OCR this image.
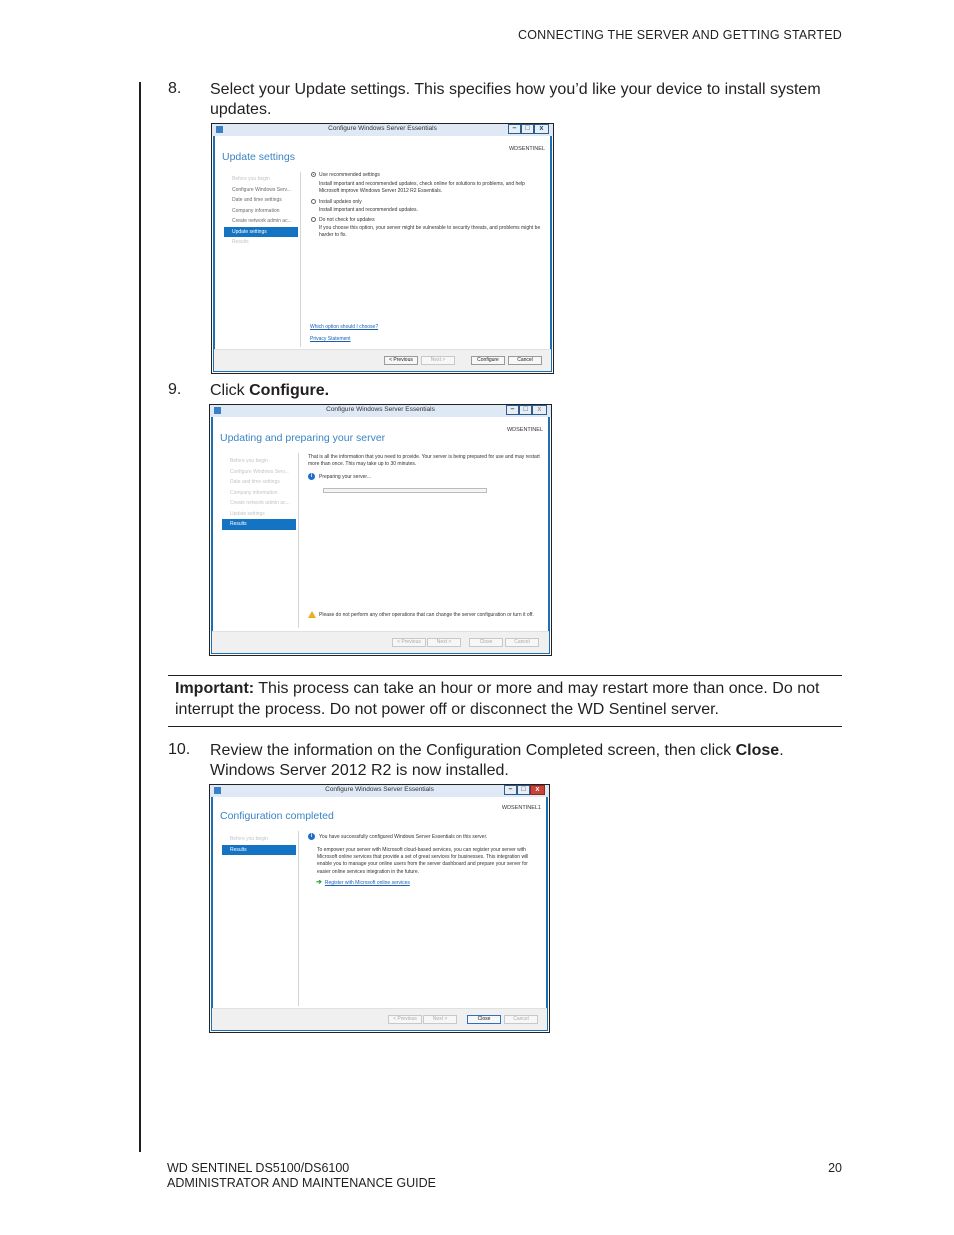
CONNECTING THE SERVER AND GETTING STARTED
8. Select your Update settings. This specifies how you’d like your device to install system updates.
Configure Windows Server Essentials	–	□	x
Update settings
WDSENTINEL
Before you begin
Configure Windows Serv...
Date and time settings
Company information
Create network admin ac...
Update settings
Results
Use recommended settings
Install important and recommended updates, check online for solutions to problems, and help Microsoft improve Windows Server 2012 R2 Essentials.
Install updates only
Install important and recommended updates.
Do not check for updates
If you choose this option, your server might be vulnerable to security threats, and problems might be harder to fix.
Which option should I choose?
Privacy Statement
< Previous	Next >	Configure	Cancel
9. Click Configure.
Configure Windows Server Essentials	–	□	x
Updating and preparing your server
WDSENTINEL
Before you begin
Configure Windows Serv...
Date and time settings
Company information
Create network admin ac...
Update settings
Results
That is all the information that you need to provide. Your server is being prepared for use and may restart more than once. This may take up to 30 minutes.
i Preparing your server...
Please do not perform any other operations that can change the server configuration or turn it off.
< Previous	Next >	Close	Cancel
Important: This process can take an hour or more and may restart more than once. Do not interrupt the process. Do not power off or disconnect the WD Sentinel server.
10. Review the information on the Configuration Completed screen, then click Close.
Windows Server 2012 R2 is now installed.
Configure Windows Server Essentials	–	□	x
Configuration completed
WDSENTINEL1
Before you begin
Results
i You have successfully configured Windows Server Essentials on this server.
To empower your server with Microsoft cloud-based services, you can register your server with Microsoft online services that provide a set of great services for businesses. This integration will enable you to manage your online users from the server dashboard and prepare your server for easier online services integration in the future.
➔ Register with Microsoft online services
< Previous	Next >	Close	Cancel
WD SENTINEL DS5100/DS6100
ADMINISTRATOR AND MAINTENANCE GUIDE
20
